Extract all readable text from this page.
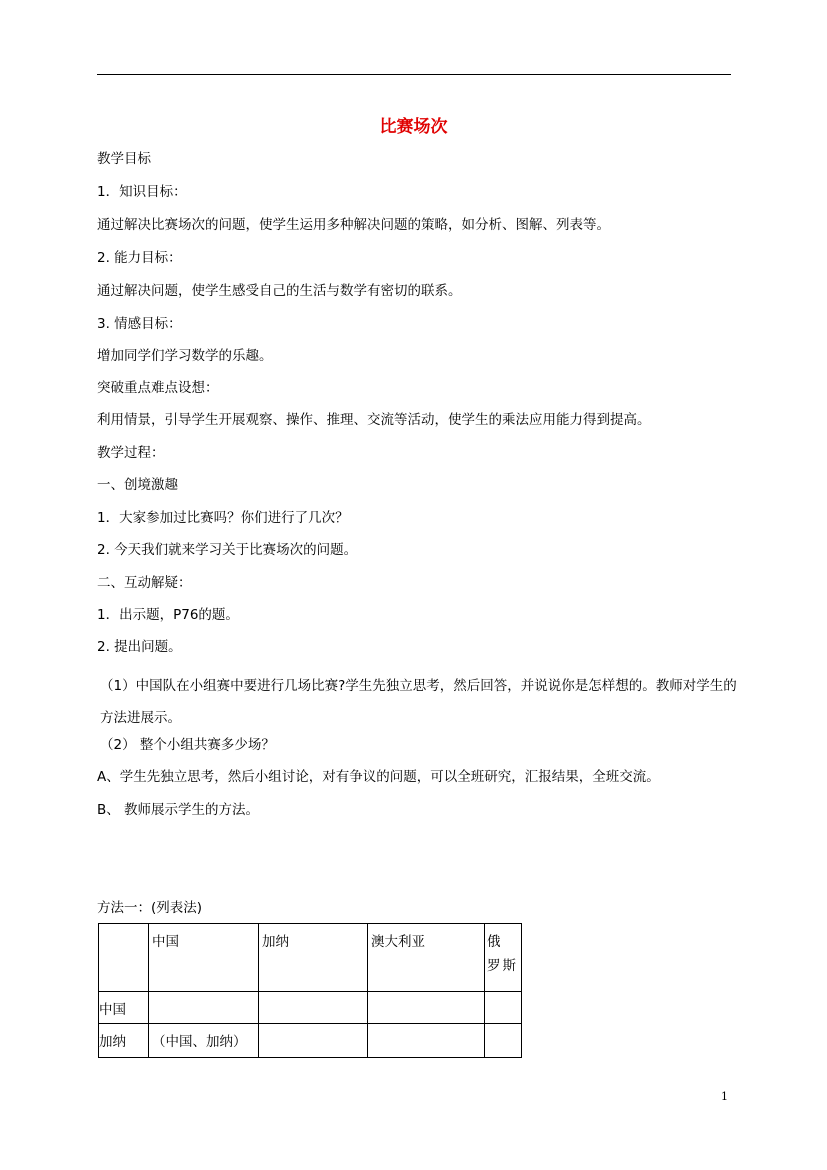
比赛场次
教学目标
1．知识目标：
通过解决比赛场次的问题，使学生运用多种解决问题的策略，如分析、图解、列表等。
2. 能力目标：
通过解决问题，使学生感受自己的生活与数学有密切的联系。
3. 情感目标：
增加同学们学习数学的乐趣。
突破重点难点设想：
利用情景，引导学生开展观察、操作、推理、交流等活动，使学生的乘法应用能力得到提高。
教学过程：
一、创境激趣
1．大家参加过比赛吗？你们进行了几次？
2. 今天我们就来学习关于比赛场次的问题。
二、互动解疑：
1．出示题，P76的题。
2. 提出问题。
（1）中国队在小组赛中要进行几场比赛?学生先独立思考，然后回答，并说说你是怎样想的。教师对学生的方法进展示。
（2） 整个小组共赛多少场？
A、学生先独立思考，然后小组讨论，对有争议的问题，可以全班研究，汇报结果，全班交流。
B、 教师展示学生的方法。
方法一：(列表法)
	中国	加纳	澳大利亚	俄 罗斯
中国				
加纳	（中国、加纳）			
1
